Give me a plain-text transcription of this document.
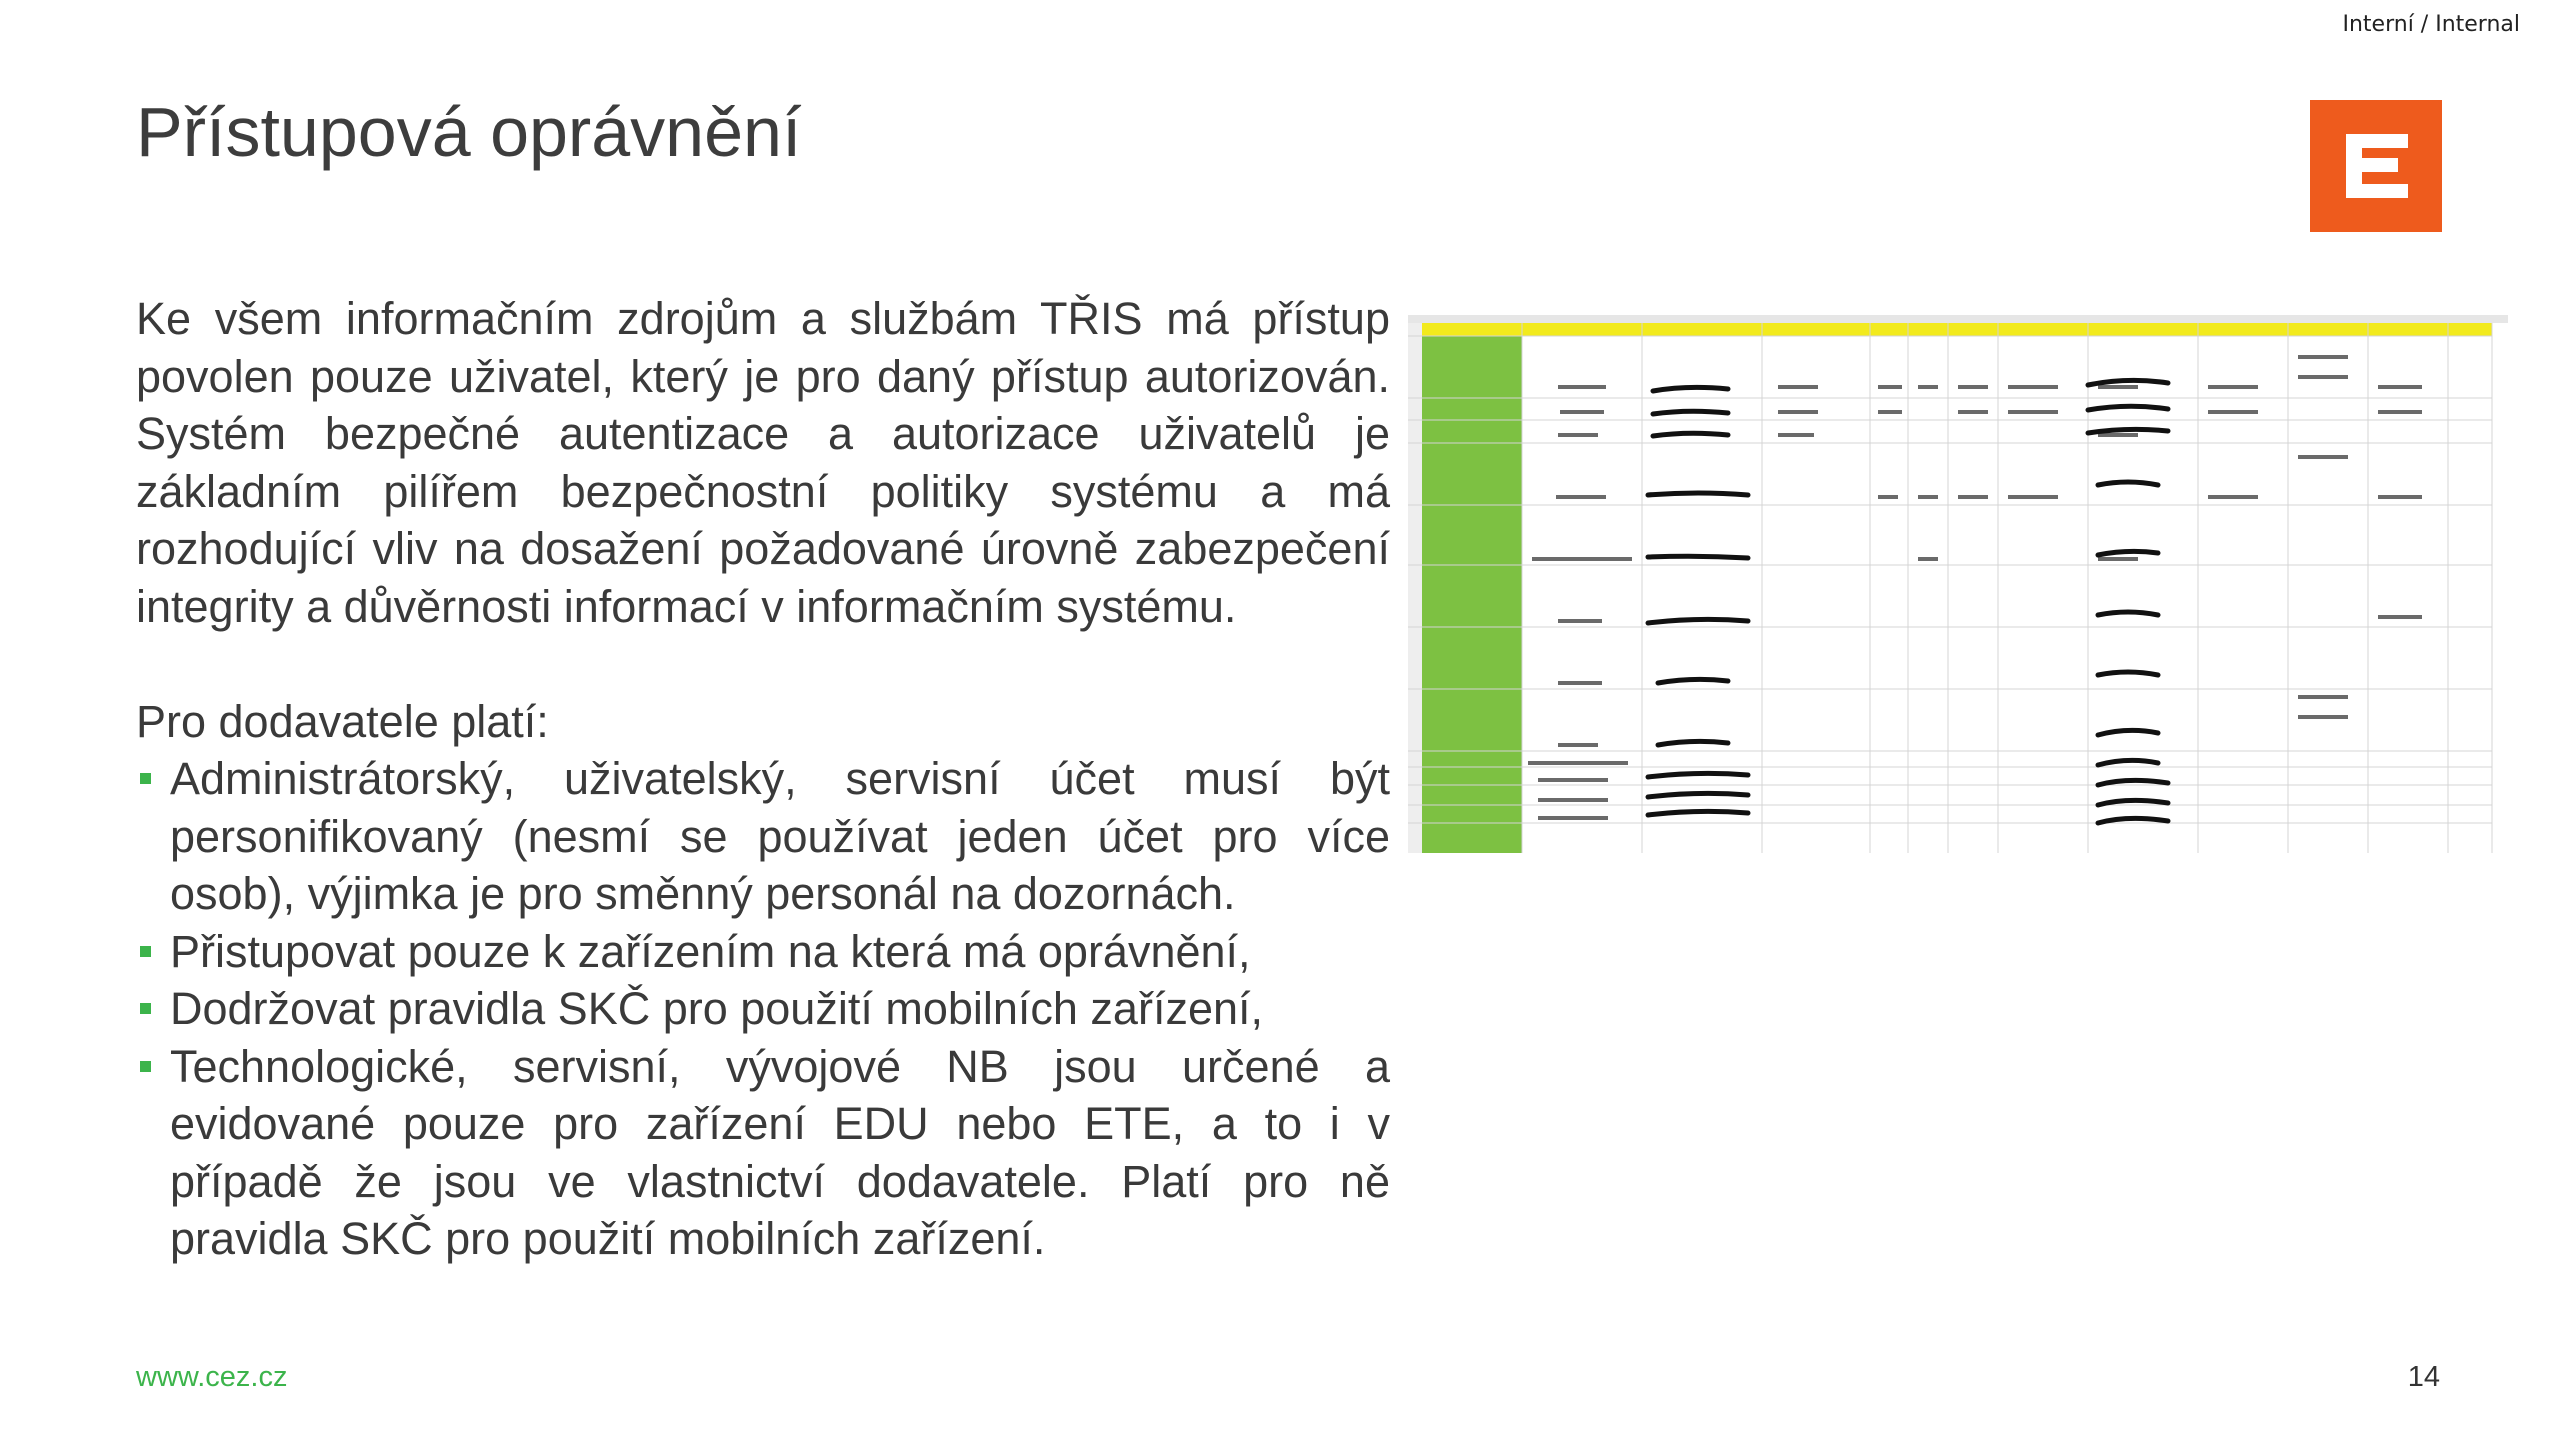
Interní / Internal
Přístupová oprávnění

Ke všem informačním zdrojům a službám TŘIS má přístup povolen pouze uživatel, který je pro daný přístup autorizován. Systém bezpečné autentizace a autorizace uživatelů je základním pilířem bezpečnostní politiky systému a má rozhodující vliv na dosažení požadované úrovně zabezpečení integrity a důvěrnosti informací v informačním systému.

Pro dodavatele platí:

Administrátorský, uživatelský, servisní účet musí být personifikovaný (nesmí se používat jeden účet pro více osob), výjimka je pro směnný personál na dozornách.
Přistupovat pouze k zařízením na která má oprávnění,
Dodržovat pravidla SKČ pro použití mobilních zařízení,
Technologické, servisní, vývojové NB jsou určené a evidované pouze pro zařízení EDU nebo ETE, a to i v případě že jsou ve vlastnictví dodavatele. Platí pro ně pravidla SKČ pro použití mobilních zařízení.
www.cez.cz	14
